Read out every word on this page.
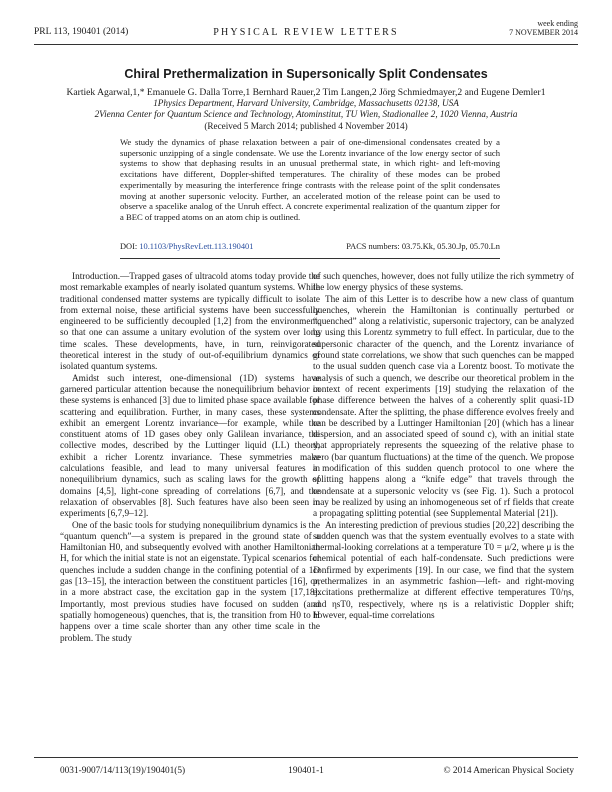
PRL 113, 190401 (2014)	PHYSICAL REVIEW LETTERS
week ending
7 NOVEMBER 2014
Chiral Prethermalization in Supersonically Split Condensates
Kartiek Agarwal,1,* Emanuele G. Dalla Torre,1 Bernhard Rauer,2 Tim Langen,2 Jörg Schmiedmayer,2 and Eugene Demler1
1Physics Department, Harvard University, Cambridge, Massachusetts 02138, USA
2Vienna Center for Quantum Science and Technology, Atominstitut, TU Wien, Stadionallee 2, 1020 Vienna, Austria
(Received 5 March 2014; published 4 November 2014)
We study the dynamics of phase relaxation between a pair of one-dimensional condensates created by a supersonic unzipping of a single condensate. We use the Lorentz invariance of the low energy sector of such systems to show that dephasing results in an unusual prethermal state, in which right- and left-moving excitations have different, Doppler-shifted temperatures. The chirality of these modes can be probed experimentally by measuring the interference fringe contrasts with the release point of the split condensates moving at another supersonic velocity. Further, an accelerated motion of the release point can be used to observe a spacelike analog of the Unruh effect. A concrete experimental realization of the quantum zipper for a BEC of trapped atoms on an atom chip is outlined.
DOI: 10.1103/PhysRevLett.113.190401	PACS numbers: 03.75.Kk, 05.30.Jp, 05.70.Ln

Introduction.—Trapped gases of ultracold atoms today provide the most remarkable examples of nearly isolated quantum systems. While traditional condensed matter systems are typically difficult to isolate from external noise, these artificial systems have been successfully engineered to be sufficiently decoupled [1,2] from the environment, so that one can assume a unitary evolution of the system over long time scales. These developments, have, in turn, reinvigorated theoretical interest in the study of out-of-equilibrium dynamics of isolated quantum systems.

Amidst such interest, one-dimensional (1D) systems have garnered particular attention because the nonequilibrium behavior in these systems is enhanced [3] due to limited phase space available for scattering and equilibration. Further, in many cases, these systems exhibit an emergent Lorentz invariance—for example, while the constituent atoms of 1D gases obey only Galilean invariance, the collective modes, described by the Luttinger liquid (LL) theory, exhibit a richer Lorentz invariance. These symmetries make calculations feasible, and lead to many universal features in nonequilibrium dynamics, such as scaling laws for the growth of domains [4,5], light-cone spreading of correlations [6,7], and the relaxation of observables [8]. Such features have also been seen in experiments [6,7,9–12].

One of the basic tools for studying nonequilibrium dynamics is the “quantum quench”—a system is prepared in the ground state of a Hamiltonian H0, and subsequently evolved with another Hamiltonian H, for which the initial state is not an eigenstate. Typical scenarios for quenches include a sudden change in the confining potential of a 1D gas [13–15], the interaction between the constituent particles [16], or, in a more abstract case, the excitation gap in the system [17,18]. Importantly, most previous studies have focused on sudden (and spatially homogeneous) quenches, that is, the transition from H0 to H happens over a time scale shorter than any other time scale in the problem. The study

of such quenches, however, does not fully utilize the rich symmetry of the low energy physics of these systems.

The aim of this Letter is to describe how a new class of quantum quenches, wherein the Hamiltonian is continually perturbed or “quenched” along a relativistic, supersonic trajectory, can be analyzed by using this Lorentz symmetry to full effect. In particular, due to the supersonic character of the quench, and the Lorentz invariance of ground state correlations, we show that such quenches can be mapped to the usual sudden quench case via a Lorentz boost. To motivate the analysis of such a quench, we describe our theoretical problem in the context of recent experiments [19] studying the relaxation of the phase difference between the halves of a coherently split quasi-1D condensate. After the splitting, the phase difference evolves freely and can be described by a Luttinger Hamiltonian [20] (which has a linear dispersion, and an associated speed of sound c), with an initial state that appropriately represents the squeezing of the relative phase to zero (bar quantum fluctuations) at the time of the quench. We propose a modification of this sudden quench protocol to one where the splitting happens along a “knife edge” that travels through the condensate at a supersonic velocity vs (see Fig. 1). Such a protocol may be realized by using an inhomogeneous set of rf fields that create a propagating splitting potential (see Supplemental Material [21]).

An interesting prediction of previous studies [20,22] describing the sudden quench was that the system eventually evolves to a state with thermal-looking correlations at a temperature T0 = μ/2, where μ is the chemical potential of each half-condensate. Such predictions were confirmed by experiments [19]. In our case, we find that the system prethermalizes in an asymmetric fashion—left- and right-moving excitations prethermalize at different effective temperatures T0/ηs, and ηsT0, respectively, where ηs is a relativistic Doppler shift; however, equal-time correlations

0031-9007/14/113(19)/190401(5)	190401-1	© 2014 American Physical Society
